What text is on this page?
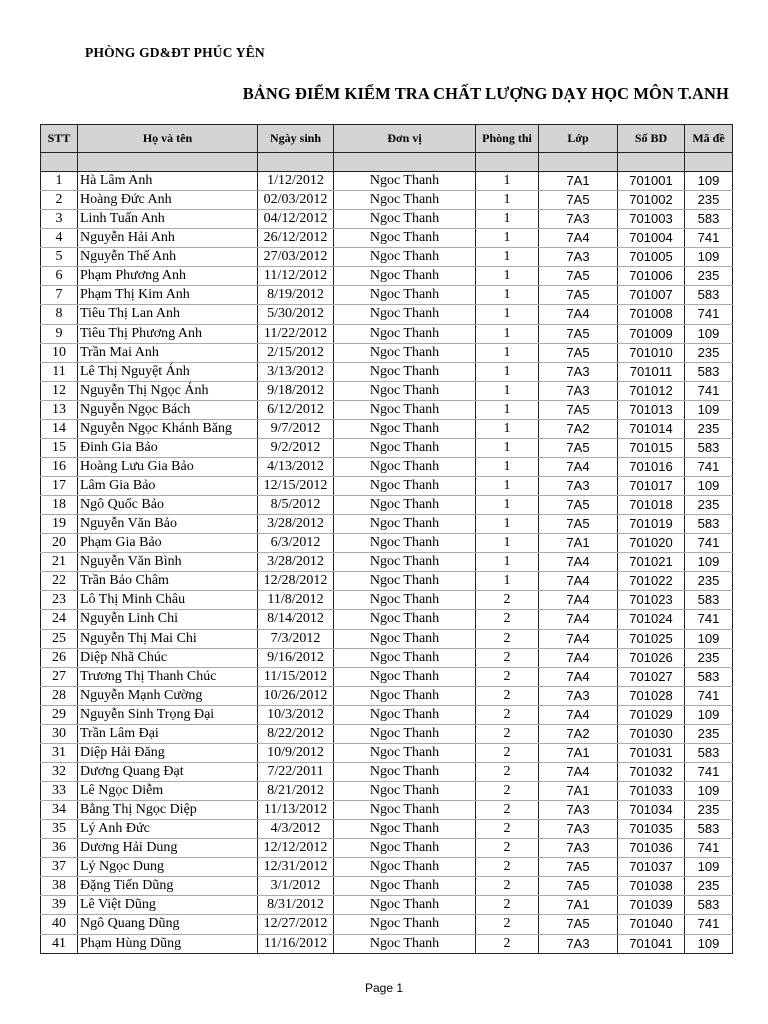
PHÒNG GD&ĐT PHÚC YÊN
BẢNG ĐIỂM KIỂM TRA CHẤT LƯỢNG DẠY HỌC MÔN T.ANH
STT	Họ và tên	Ngày sinh	Đơn vị	Phòng thi	Lớp	Số BD	Mã đề

1	Hà Lâm Anh	1/12/2012	Ngoc Thanh	1	7A1	701001	109
2	Hoàng Đức Anh	02/03/2012	Ngoc Thanh	1	7A5	701002	235
3	Linh Tuấn Anh	04/12/2012	Ngoc Thanh	1	7A3	701003	583
4	Nguyễn Hải Anh	26/12/2012	Ngoc Thanh	1	7A4	701004	741
5	Nguyễn Thế Anh	27/03/2012	Ngoc Thanh	1	7A3	701005	109
6	Phạm Phương Anh	11/12/2012	Ngoc Thanh	1	7A5	701006	235
7	Phạm Thị Kim Anh	8/19/2012	Ngoc Thanh	1	7A5	701007	583
8	Tiêu Thị Lan Anh	5/30/2012	Ngoc Thanh	1	7A4	701008	741
9	Tiêu Thị Phương Anh	11/22/2012	Ngoc Thanh	1	7A5	701009	109
10	Trần Mai Anh	2/15/2012	Ngoc Thanh	1	7A5	701010	235
11	Lê Thị Nguyệt Ánh	3/13/2012	Ngoc Thanh	1	7A3	701011	583
12	Nguyễn Thị Ngọc Ánh	9/18/2012	Ngoc Thanh	1	7A3	701012	741
13	Nguyễn Ngọc Bách	6/12/2012	Ngoc Thanh	1	7A5	701013	109
14	Nguyễn Ngọc Khánh Băng	9/7/2012	Ngoc Thanh	1	7A2	701014	235
15	Đinh Gia Bảo	9/2/2012	Ngoc Thanh	1	7A5	701015	583
16	Hoàng Lưu Gia Bảo	4/13/2012	Ngoc Thanh	1	7A4	701016	741
17	Lâm Gia Bảo	12/15/2012	Ngoc Thanh	1	7A3	701017	109
18	Ngô Quốc Bảo	8/5/2012	Ngoc Thanh	1	7A5	701018	235
19	Nguyễn Văn Bảo	3/28/2012	Ngoc Thanh	1	7A5	701019	583
20	Phạm Gia Bảo	6/3/2012	Ngoc Thanh	1	7A1	701020	741
21	Nguyễn Văn Bình	3/28/2012	Ngoc Thanh	1	7A4	701021	109
22	Trần Bảo Châm	12/28/2012	Ngoc Thanh	1	7A4	701022	235
23	Lô Thị Minh Châu	11/8/2012	Ngoc Thanh	2	7A4	701023	583
24	Nguyễn Linh Chi	8/14/2012	Ngoc Thanh	2	7A4	701024	741
25	Nguyễn Thị Mai Chi	7/3/2012	Ngoc Thanh	2	7A4	701025	109
26	Diệp Nhã Chúc	9/16/2012	Ngoc Thanh	2	7A4	701026	235
27	Trương Thị Thanh Chúc	11/15/2012	Ngoc Thanh	2	7A4	701027	583
28	Nguyễn Mạnh Cường	10/26/2012	Ngoc Thanh	2	7A3	701028	741
29	Nguyễn Sinh Trọng Đại	10/3/2012	Ngoc Thanh	2	7A4	701029	109
30	Trần Lâm Đại	8/22/2012	Ngoc Thanh	2	7A2	701030	235
31	Diệp Hải Đăng	10/9/2012	Ngoc Thanh	2	7A1	701031	583
32	Dương Quang Đạt	7/22/2011	Ngoc Thanh	2	7A4	701032	741
33	Lê Ngọc Diễm	8/21/2012	Ngoc Thanh	2	7A1	701033	109
34	Bằng Thị Ngọc Diệp	11/13/2012	Ngoc Thanh	2	7A3	701034	235
35	Lý Anh Đức	4/3/2012	Ngoc Thanh	2	7A3	701035	583
36	Dương Hải Dung	12/12/2012	Ngoc Thanh	2	7A3	701036	741
37	Lý Ngọc Dung	12/31/2012	Ngoc Thanh	2	7A5	701037	109
38	Đặng Tiến Dũng	3/1/2012	Ngoc Thanh	2	7A5	701038	235
39	Lê Việt Dũng	8/31/2012	Ngoc Thanh	2	7A1	701039	583
40	Ngô Quang Dũng	12/27/2012	Ngoc Thanh	2	7A5	701040	741
41	Phạm Hùng Dũng	11/16/2012	Ngoc Thanh	2	7A3	701041	109
Page 1
